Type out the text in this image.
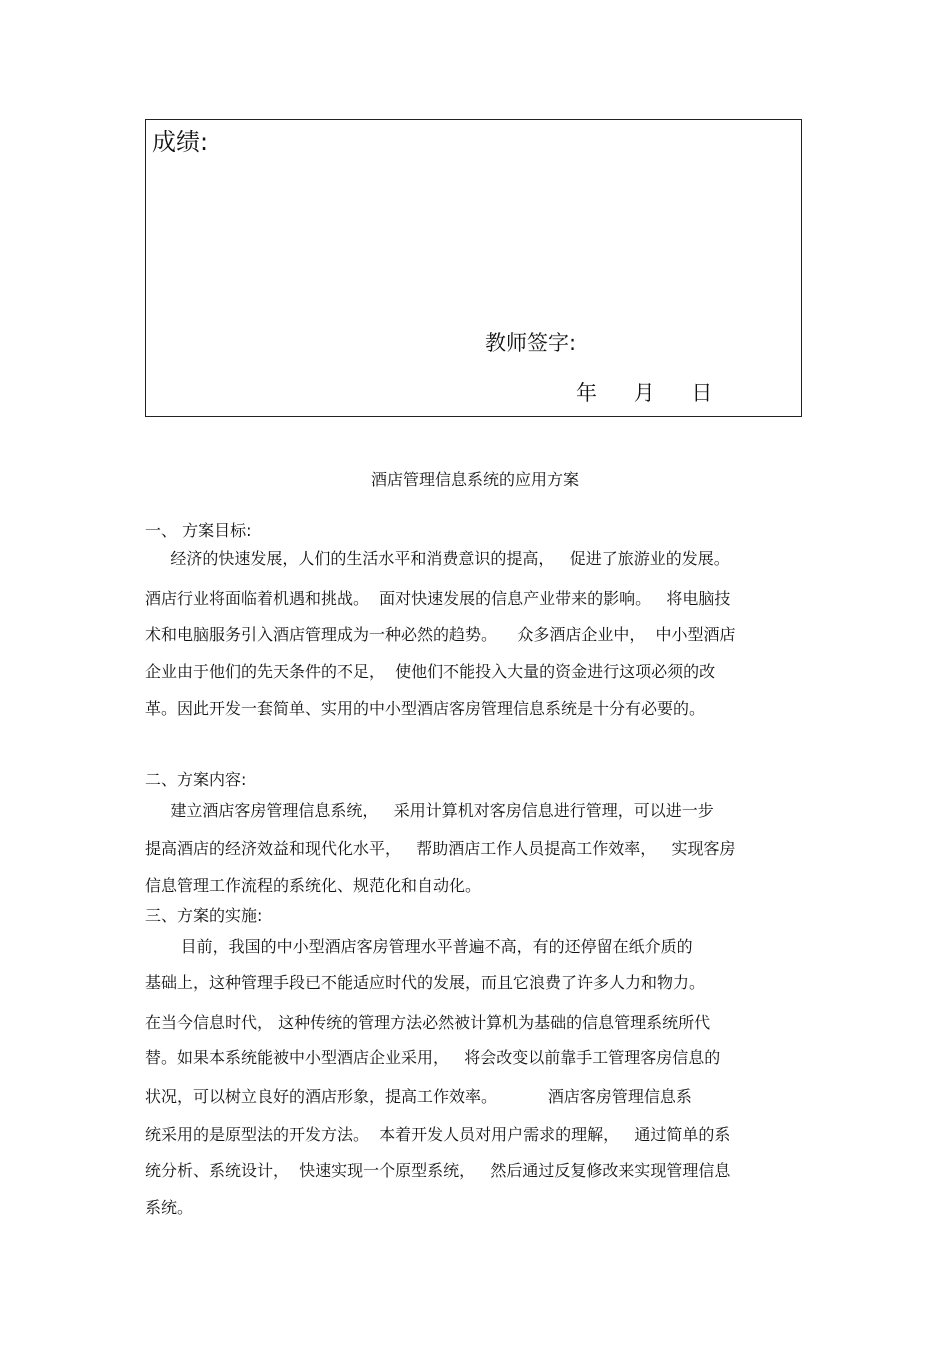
成绩:
教师签字:
年 月 日
酒店管理信息系统的应用方案
一、 方案目标:
经济的快速发展，人们的生活水平和消费意识的提高，   促进了旅游业的发展。
酒店行业将面临着机遇和挑战。  面对快速发展的信息产业带来的影响。   将电脑技
术和电脑服务引入酒店管理成为一种必然的趋势。    众多酒店企业中，  中小型酒店
企业由于他们的先天条件的不足，  使他们不能投入大量的资金进行这项必须的改
革。因此开发一套简单、实用的中小型酒店客房管理信息系统是十分有必要的。
二、方案内容:
建立酒店客房管理信息系统，   采用计算机对客房信息进行管理，可以进一步
提高酒店的经济效益和现代化水平，   帮助酒店工作人员提高工作效率，   实现客房
信息管理工作流程的系统化、规范化和自动化。
三、方案的实施:
目前，我国的中小型酒店客房管理水平普遍不高，有的还停留在纸介质的
基础上，这种管理手段已不能适应时代的发展，而且它浪费了许多人力和物力。
在当今信息时代， 这种传统的管理方法必然被计算机为基础的信息管理系统所代
替。如果本系统能被中小型酒店企业采用，   将会改变以前靠手工管理客房信息的
状况，可以树立良好的酒店形象，提高工作效率。          酒店客房管理信息系
统采用的是原型法的开发方法。  本着开发人员对用户需求的理解，   通过简单的系
统分析、系统设计，  快速实现一个原型系统，   然后通过反复修改来实现管理信息
系统。
